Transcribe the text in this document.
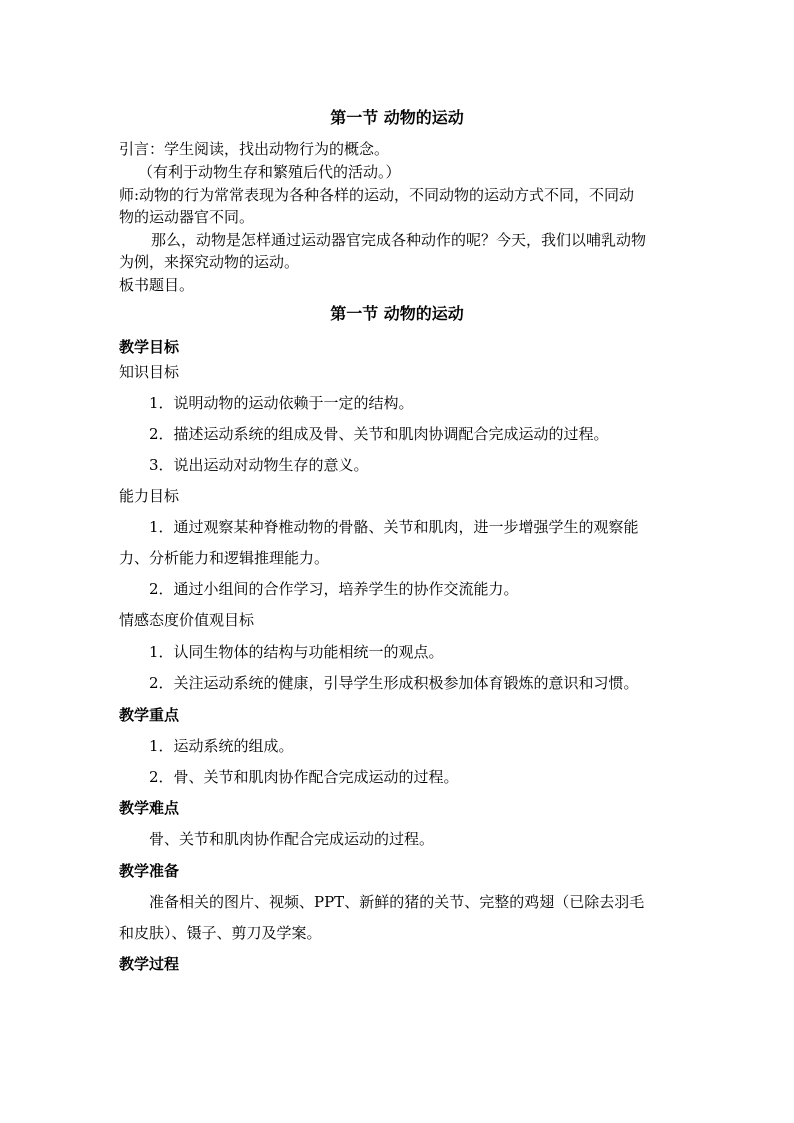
第一节 动物的运动
引言：学生阅读，找出动物行为的概念。
（有利于动物生存和繁殖后代的活动。）
师:动物的行为常常表现为各种各样的运动，不同动物的运动方式不同，不同动
物的运动器官不同。
那么，动物是怎样通过运动器官完成各种动作的呢？今天，我们以哺乳动物
为例，来探究动物的运动。
板书题目。
第一节 动物的运动
教学目标
知识目标
1．说明动物的运动依赖于一定的结构。
2．描述运动系统的组成及骨、关节和肌肉协调配合完成运动的过程。
3．说出运动对动物生存的意义。
能力目标
1．通过观察某种脊椎动物的骨骼、关节和肌肉，进一步增强学生的观察能
力、分析能力和逻辑推理能力。
2．通过小组间的合作学习，培养学生的协作交流能力。
情感态度价值观目标
1．认同生物体的结构与功能相统一的观点。
2．关注运动系统的健康，引导学生形成积极参加体育锻炼的意识和习惯。
教学重点
1．运动系统的组成。
2．骨、关节和肌肉协作配合完成运动的过程。
教学难点
骨、关节和肌肉协作配合完成运动的过程。
教学准备
准备相关的图片、视频、PPT、新鲜的猪的关节、完整的鸡翅（已除去羽毛
和皮肤）、镊子、剪刀及学案。
教学过程
